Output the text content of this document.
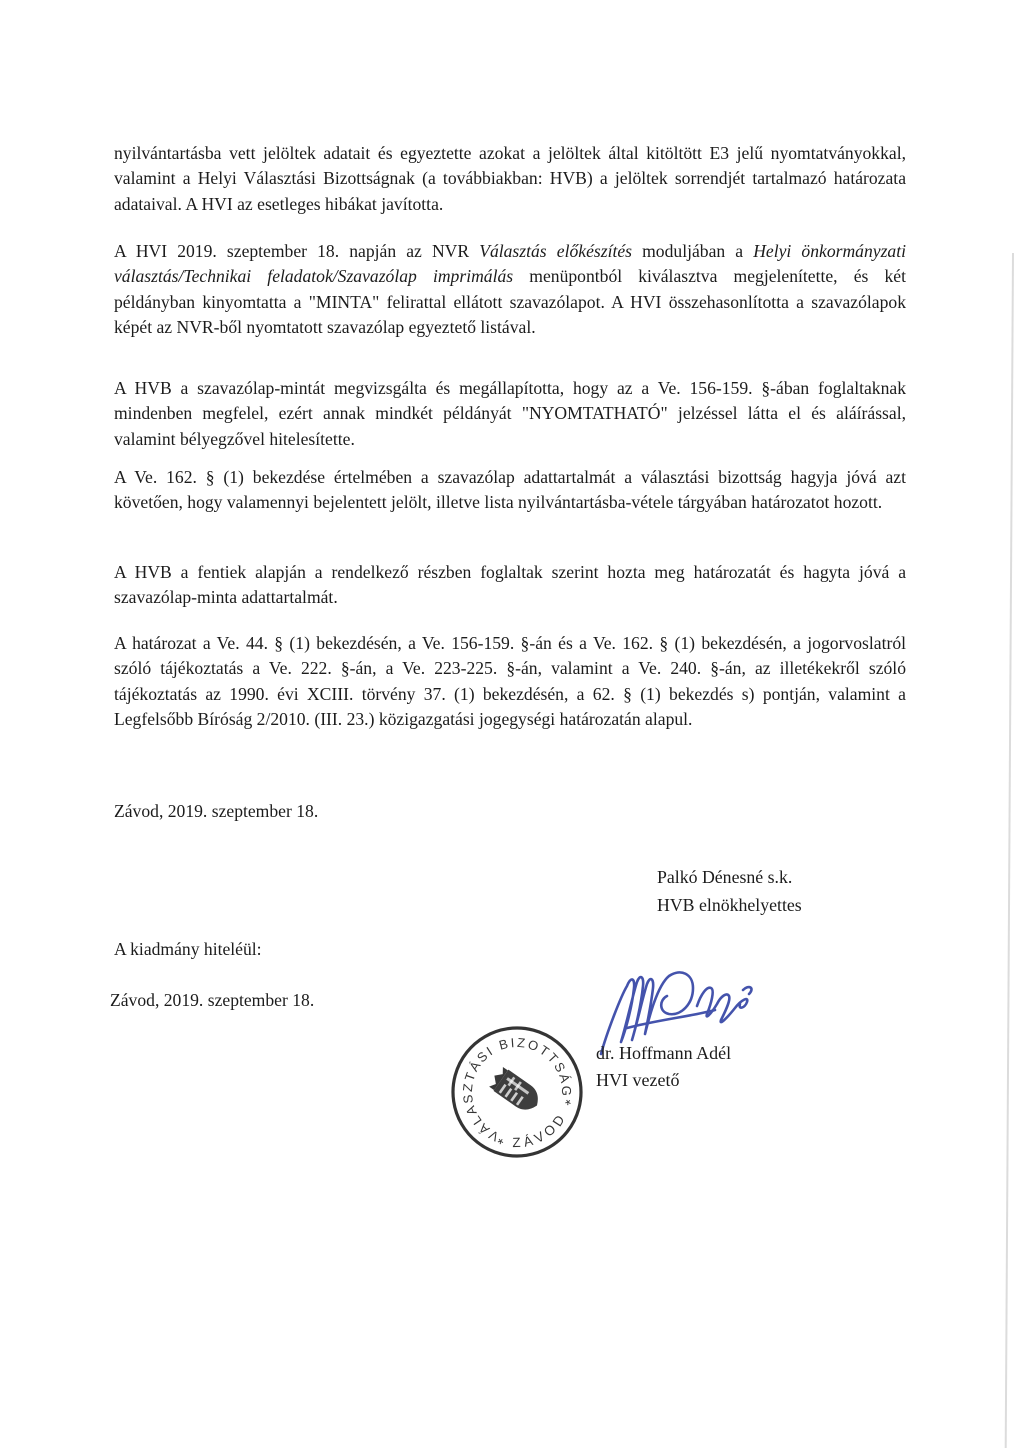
nyilvántartásba vett jelöltek adatait és egyeztette azokat a jelöltek által kitöltött E3 jelű nyomtatványokkal, valamint a Helyi Választási Bizottságnak (a továbbiakban: HVB) a jelöltek sorrendjét tartalmazó határozata adataival. A HVI az esetleges hibákat javította.

A HVI 2019. szeptember 18. napján az NVR Választás előkészítés moduljában a Helyi önkormányzati választás/Technikai feladatok/Szavazólap imprimálás menüpontból kiválasztva megjelenítette, és két példányban kinyomtatta a "MINTA" felirattal ellátott szavazólapot. A HVI összehasonlította a szavazólapok képét az NVR-ből nyomtatott szavazólap egyeztető listával.

A HVB a szavazólap-mintát megvizsgálta és megállapította, hogy az a Ve. 156-159. §-ában foglaltaknak mindenben megfelel, ezért annak mindkét példányát "NYOMTATHATÓ" jelzéssel látta el és aláírással, valamint bélyegzővel hitelesítette.

A Ve. 162. § (1) bekezdése értelmében a szavazólap adattartalmát a választási bizottság hagyja jóvá azt követően, hogy valamennyi bejelentett jelölt, illetve lista nyilvántartásba-vétele tárgyában határozatot hozott.

A HVB a fentiek alapján a rendelkező részben foglaltak szerint hozta meg határozatát és hagyta jóvá a szavazólap-minta adattartalmát.

A határozat a Ve. 44. § (1) bekezdésén, a Ve. 156-159. §-án és a Ve. 162. § (1) bekezdésén, a jogorvoslatról szóló tájékoztatás a Ve. 222. §-án, a Ve. 223-225. §-án, valamint a Ve. 240. §-án, az illetékekről szóló tájékoztatás az 1990. évi XCIII. törvény 37. (1) bekezdésén, a 62. § (1) bekezdés s) pontján, valamint a Legfelsőbb Bíróság 2/2010. (III. 23.) közigazgatási jogegységi határozatán alapul.

Závod, 2019. szeptember 18.

Palkó Dénesné s.k.
HVB elnökhelyettes

A kiadmány hiteléül:

Závod, 2019. szeptember 18.

VÁLASZTÁSI BIZOTTSÁG
ZÁVOD
*
*
dr. Hoffmann Adél
HVI vezető
